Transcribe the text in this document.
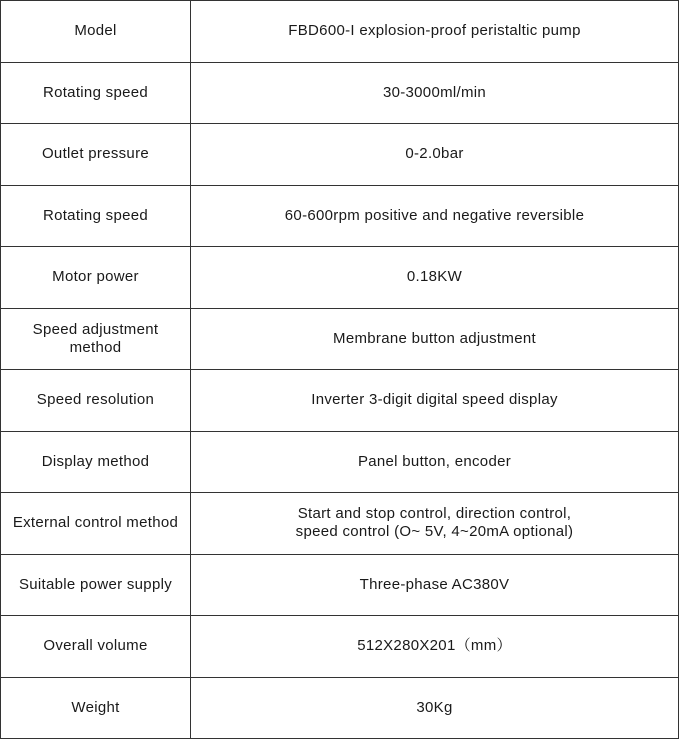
Model	FBD600-I explosion-proof peristaltic pump
Rotating speed	30-3000ml/min
Outlet pressure	0-2.0bar
Rotating speed	60-600rpm positive and negative reversible
Motor power	0.18KW

Speed adjustment
method	Membrane button adjustment
Speed resolution	Inverter 3-digit digital speed display
Display method	Panel button, encoder
External control method	Start and stop control, direction control,
speed control (O~ 5V, 4~20mA optional)

Suitable power supply	Three-phase AC380V
Overall volume	512X280X201（mm）
Weight	30Kg
